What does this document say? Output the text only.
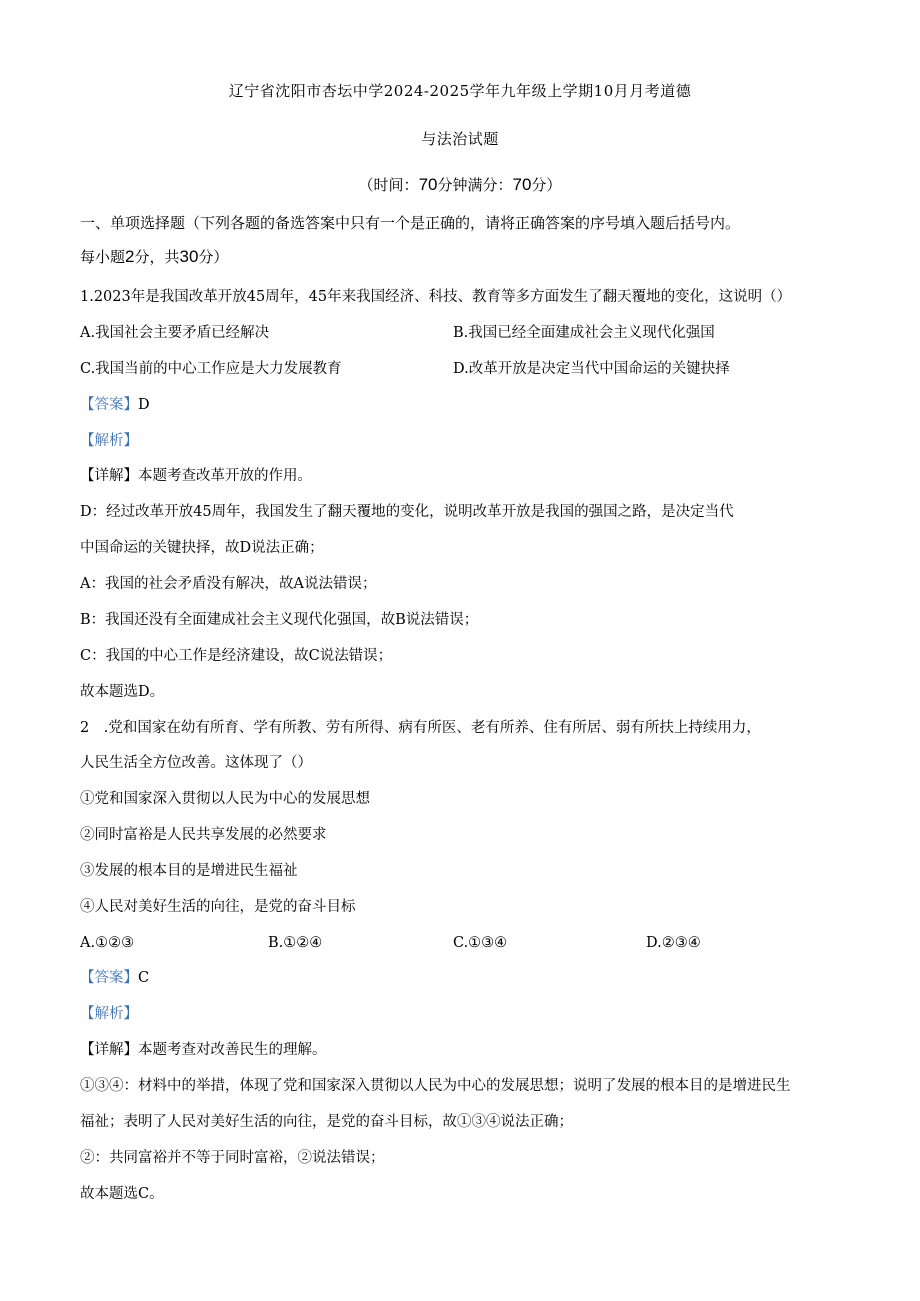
辽宁省沈阳市杏坛中学2024-2025学年九年级上学期10月月考道德
与法治试题
（时间：70分钟满分：70分）
一、单项选择题（下列各题的备选答案中只有一个是正确的，请将正确答案的序号填入题后括号内。
每小题2分，共30分）
1.2023年是我国改革开放45周年，45年来我国经济、科技、教育等多方面发生了翻天覆地的变化，这说明（）
A.我国社会主要矛盾已经解决	B.我国已经全面建成社会主义现代化强国
C.我国当前的中心工作应是大力发展教育	D.改革开放是决定当代中国命运的关键抉择
【答案】D
【解析】
【详解】本题考查改革开放的作用。
D：经过改革开放45周年，我国发生了翻天覆地的变化，说明改革开放是我国的强国之路，是决定当代
中国命运的关键抉择，故D说法正确；
A：我国的社会矛盾没有解决，故A说法错误；
B：我国还没有全面建成社会主义现代化强国，故B说法错误；
C：我国的中心工作是经济建设，故C说法错误；
故本题选D。
2　.党和国家在幼有所育、学有所教、劳有所得、病有所医、老有所养、住有所居、弱有所扶上持续用力，
人民生活全方位改善。这体现了（）
①党和国家深入贯彻以人民为中心的发展思想
②同时富裕是人民共享发展的必然要求
③发展的根本目的是增进民生福祉
④人民对美好生活的向往，是党的奋斗目标
A.①②③	B.①②④	C.①③④	D.②③④
【答案】C
【解析】
【详解】本题考查对改善民生的理解。
①③④：材料中的举措，体现了党和国家深入贯彻以人民为中心的发展思想；说明了发展的根本目的是增进民生
福祉；表明了人民对美好生活的向往，是党的奋斗目标，故①③④说法正确；
②：共同富裕并不等于同时富裕，②说法错误；
故本题选C。
